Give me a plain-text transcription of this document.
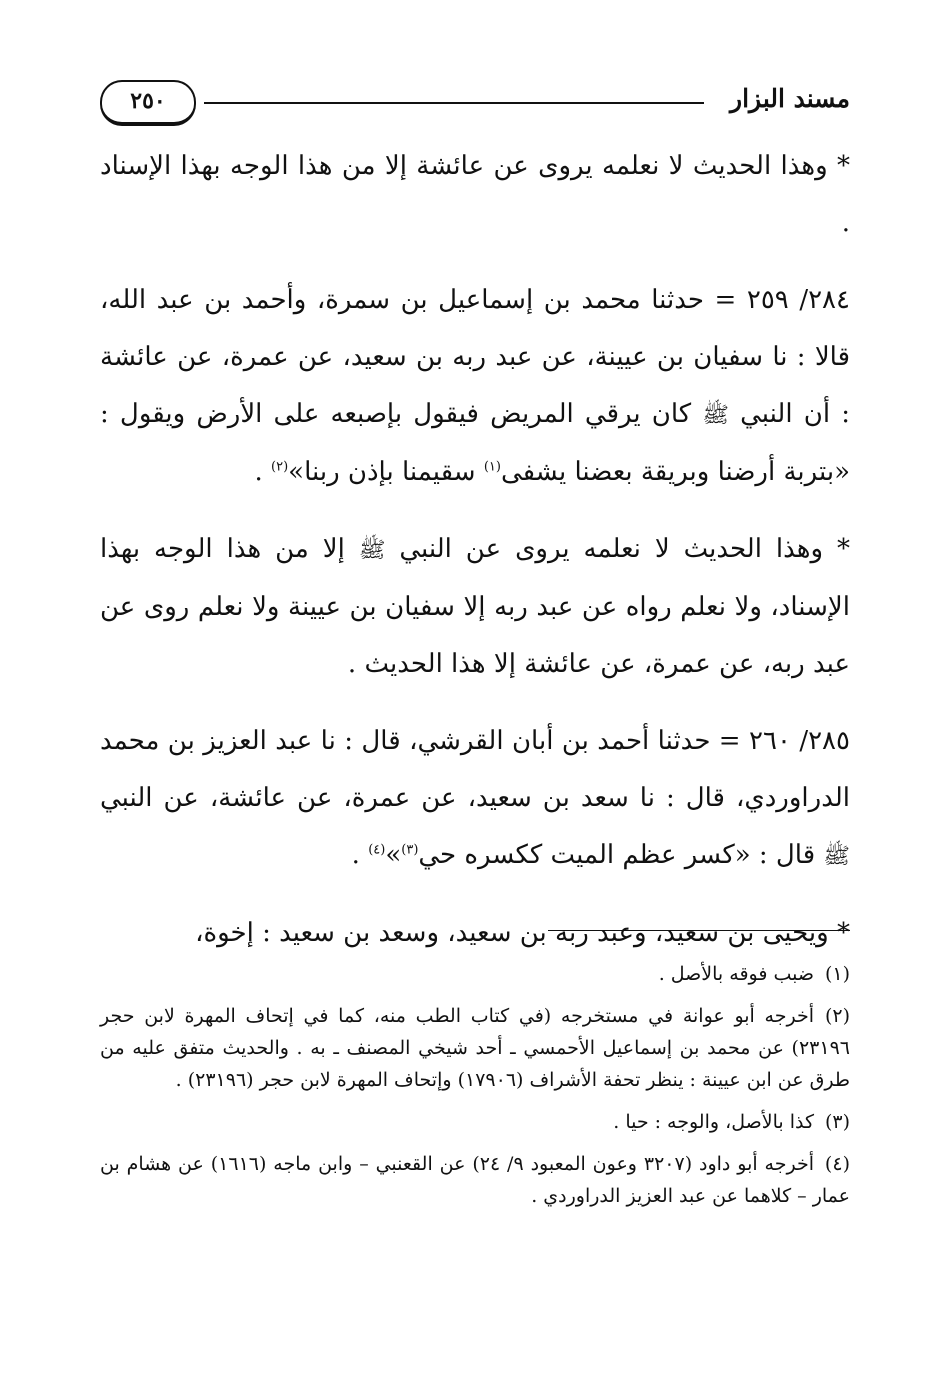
مسند البزار
٢٥٠

* وهذا الحديث لا نعلمه يروى عن عائشة إلا من هذا الوجه بهذا الإسناد .

٢٨٤/ ٢٥٩ = حدثنا محمد بن إسماعيل بن سمرة، وأحمد بن عبد الله، قالا : نا سفيان بن عيينة، عن عبد ربه بن سعيد، عن عمرة، عن عائشة : أن النبي ﷺ كان يرقي المريض فيقول بإصبعه على الأرض ويقول : «بتربة أرضنا وبريقة بعضنا يشفى$^{(١)}$ سقيمنا بإذن ربنا»$^{(٢)}$ .

* وهذا الحديث لا نعلمه يروى عن النبي ﷺ إلا من هذا الوجه بهذا الإسناد، ولا نعلم رواه عن عبد ربه إلا سفيان بن عيينة ولا نعلم روى عن عبد ربه، عن عمرة، عن عائشة إلا هذا الحديث .

٢٨٥/ ٢٦٠ = حدثنا أحمد بن أبان القرشي، قال : نا عبد العزيز بن محمد الدراوردي، قال : نا سعد بن سعيد، عن عمرة، عن عائشة، عن النبي ﷺ قال : «كسر عظم الميت ككسره حي$^{(٣)}$»$^{(٤)}$ .

* ويحيى بن سعيد، وعبد ربه بن سعيد، وسعد بن سعيد : إخوة،

(١)ضبب فوقه بالأصل .

(٢)أخرجه أبو عوانة في مستخرجه (في كتاب الطب منه، كما في إتحاف المهرة لابن حجر ٢٣١٩٦) عن محمد بن إسماعيل الأحمسي ـ أحد شيخي المصنف ـ به . والحديث متفق عليه من طرق عن ابن عيينة : ينظر تحفة الأشراف (١٧٩٠٦) وإتحاف المهرة لابن حجر (٢٣١٩٦) .

(٣)كذا بالأصل، والوجه : حيا .

(٤)أخرجه أبو داود (٣٢٠٧ وعون المعبود ٩/ ٢٤) عن القعنبي – وابن ماجه (١٦١٦) عن هشام بن عمار – كلاهما عن عبد العزيز الدراوردي .
